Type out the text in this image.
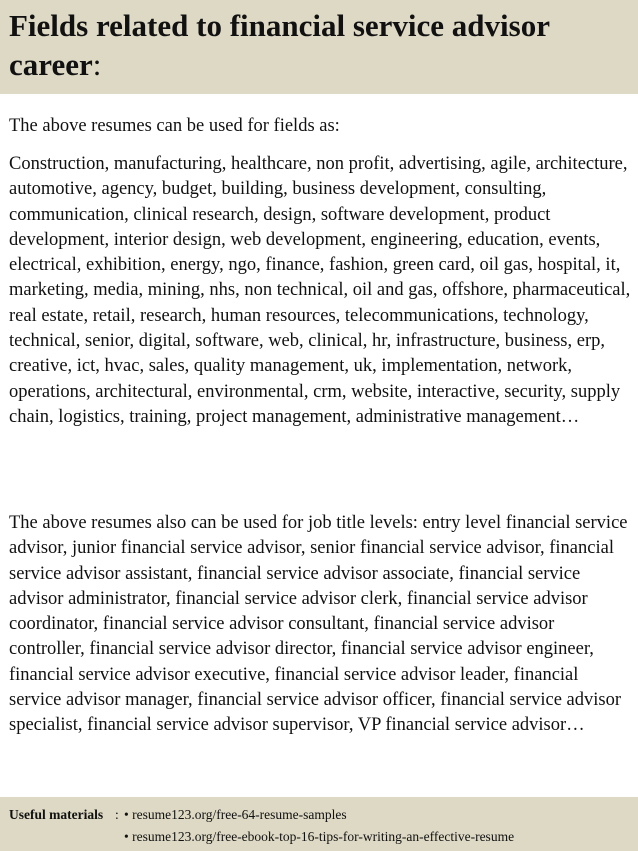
Fields related to financial service advisor career:

The above resumes can be used for fields as:

Construction, manufacturing, healthcare, non profit, advertising, agile, architecture, automotive, agency, budget, building, business development, consulting, communication, clinical research, design, software development, product development, interior design, web development, engineering, education, events, electrical, exhibition, energy, ngo, finance, fashion, green card, oil gas, hospital, it, marketing, media, mining, nhs, non technical, oil and gas, offshore, pharmaceutical, real estate, retail, research, human resources, telecommunications, technology, technical, senior, digital, software, web, clinical, hr, infrastructure, business, erp, creative, ict, hvac, sales, quality management, uk, implementation, network, operations, architectural, environmental, crm, website, interactive, security, supply chain, logistics, training, project management, administrative management…

The above resumes also can be used for job title levels: entry level financial service advisor, junior financial service advisor, senior financial service advisor, financial service advisor assistant, financial service advisor associate, financial service advisor administrator, financial service advisor clerk, financial service advisor coordinator, financial service advisor consultant, financial service advisor controller, financial service advisor director, financial service advisor engineer, financial service advisor executive, financial service advisor leader, financial service advisor manager, financial service advisor officer, financial service advisor specialist, financial service advisor supervisor, VP financial service advisor…

Useful materials : • resume123.org/free-64-resume-samples
• resume123.org/free-ebook-top-16-tips-for-writing-an-effective-resume
